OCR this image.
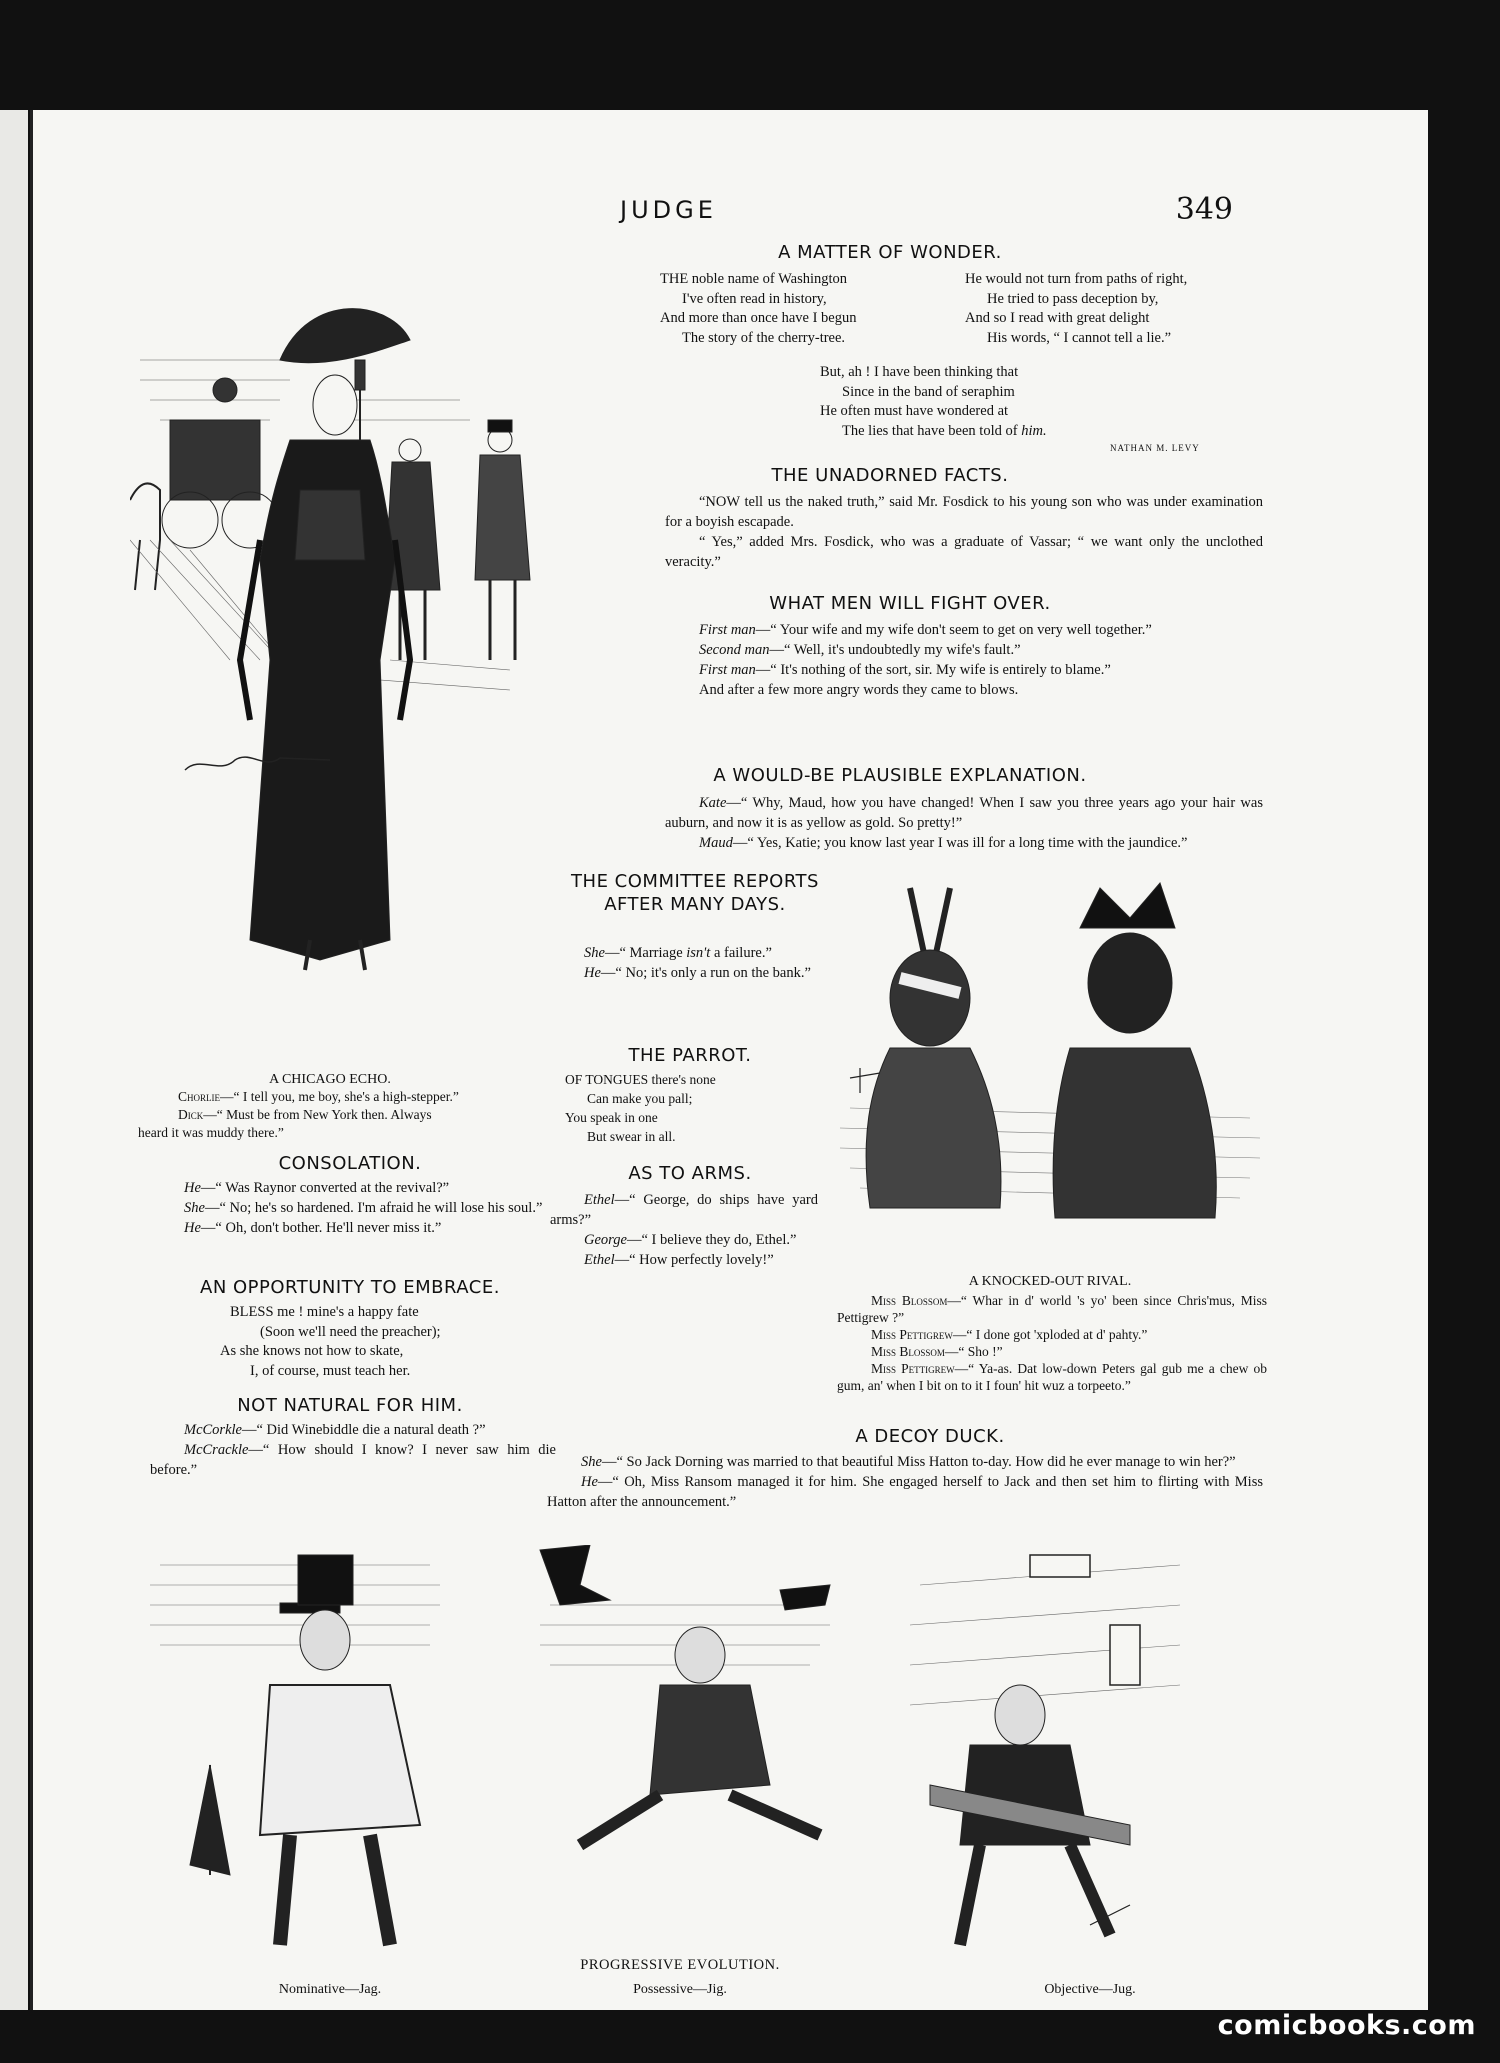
JUDGE	349
A CHICAGO ECHO.

Chorlie—“ I tell you, me boy, she's a high-stepper.”

Dick—“ Must be from New York then. Always

heard it was muddy there.”

CONSOLATION.

He—“ Was Raynor converted at the revival?”

She—“ No; he's so hardened. I'm afraid he will lose his soul.”

He—“ Oh, don't bother. He'll never miss it.”

AN OPPORTUNITY TO EMBRACE.
BLESS me ! mine's a happy fate
(Soon we'll need the preacher);
As she knows not how to skate,
I, of course, must teach her.
NOT NATURAL FOR HIM.

McCorkle—“ Did Winebiddle die a natural death ?”

McCrackle—“ How should I know? I never saw him die before.”

A MATTER OF WONDER.
THE noble name of Washington
I've often read in history,
And more than once have I begun
The story of the cherry-tree.
He would not turn from paths of right,
He tried to pass deception by,
And so I read with great delight
His words, “ I cannot tell a lie.”
But, ah ! I have been thinking that
Since in the band of seraphim
He often must have wondered at
The lies that have been told of him.
NATHAN M. LEVY
THE UNADORNED FACTS.

“NOW tell us the naked truth,” said Mr. Fosdick to his young son who was under examination for a boyish escapade.

“ Yes,” added Mrs. Fosdick, who was a graduate of Vassar; “ we want only the unclothed veracity.”

WHAT MEN WILL FIGHT OVER.

First man—“ Your wife and my wife don't seem to get on very well together.”

Second man—“ Well, it's undoubtedly my wife's fault.”

First man—“ It's nothing of the sort, sir. My wife is entirely to blame.”

And after a few more angry words they came to blows.

A WOULD-BE PLAUSIBLE EXPLANATION.

Kate—“ Why, Maud, how you have changed! When I saw you three years ago your hair was auburn, and now it is as yellow as gold. So pretty!”

Maud—“ Yes, Katie; you know last year I was ill for a long time with the jaundice.”

THE COMMITTEE REPORTS AFTER MANY DAYS.

She—“ Marriage isn't a failure.”

He—“ No; it's only a run on the bank.”

THE PARROT.
OF TONGUES there's none
Can make you pall;
You speak in one
But swear in all.
AS TO ARMS.

Ethel—“ George, do ships have yard arms?”

George—“ I believe they do, Ethel.”

Ethel—“ How perfectly lovely!”

A KNOCKED-OUT RIVAL.

Miss Blossom—“ Whar in d' world 's yo' been since Chris'mus, Miss Pettigrew ?”

Miss Pettigrew—“ I done got 'xploded at d' pahty.”

Miss Blossom—“ Sho !”

Miss Pettigrew—“ Ya-as. Dat low-down Peters gal gub me a chew ob gum, an' when I bit on to it I foun' hit wuz a torpeeto.”

A DECOY DUCK.

She—“ So Jack Dorning was married to that beautiful Miss Hatton to-day. How did he ever manage to win her?”

He—“ Oh, Miss Ransom managed it for him. She engaged herself to Jack and then set him to flirting with Miss Hatton after the announcement.”

PROGRESSIVE EVOLUTION.
Nominative—Jag.	Possessive—Jig.	Objective—Jug.
comicbooks.com
